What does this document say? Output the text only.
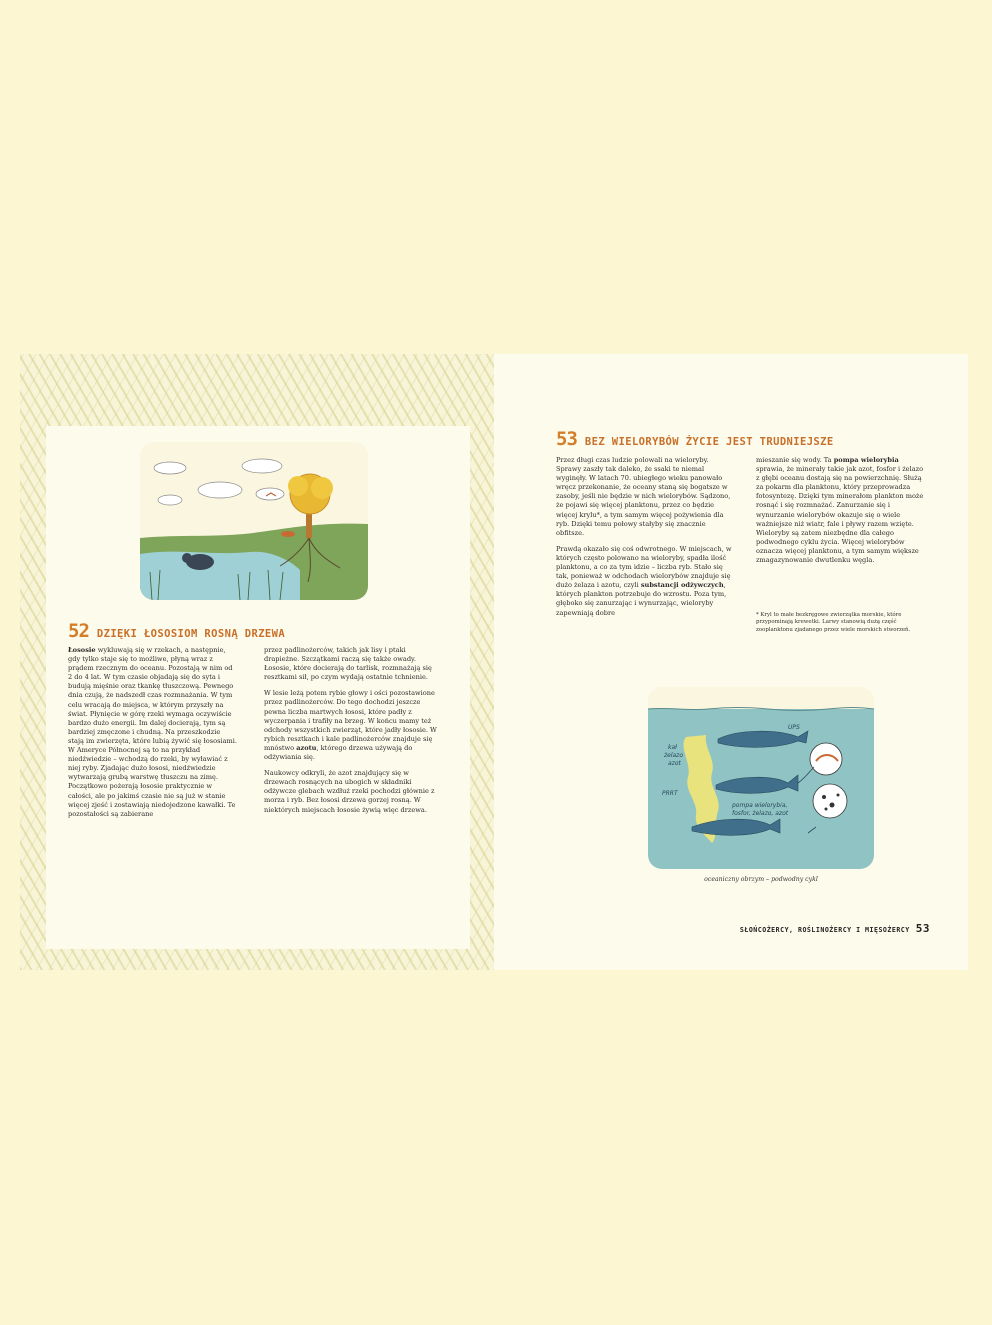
52 DZIĘKI ŁOSOSIOM ROSNĄ DRZEWA

Łososie wykluwają się w rzekach, a następnie, gdy tylko staje się to możliwe, płyną wraz z prądem rzecznym do oceanu. Pozostają w nim od 2 do 4 lat. W tym czasie objadają się do syta i budują mięśnie oraz tkankę tłuszczową. Pewnego dnia czują, że nadszedł czas rozmnażania. W tym celu wracają do miejsca, w którym przyszły na świat. Płynięcie w górę rzeki wymaga oczywiście bardzo dużo energii. Im dalej docierają, tym są bardziej zmęczone i chudną. Na przeszkodzie stają im zwierzęta, które lubią żywić się łososiami. W Ameryce Północnej są to na przykład niedźwiedzie – wchodzą do rzeki, by wyławiać z niej ryby. Zjadając dużo łososi, niedźwiedzie wytwarzają grubą warstwę tłuszczu na zimę. Początkowo pożerają łososie praktycznie w całości, ale po jakimś czasie nie są już w stanie więcej zjeść i zostawiają niedojedzone kawałki. Te pozostałości są zabierane

przez padlinożerców, takich jak lisy i ptaki drapieżne. Szczątkami raczą się także owady. Łososie, które docierają do tarlisk, rozmnażają się resztkami sił, po czym wydają ostatnie tchnienie.

W lesie leżą potem rybie głowy i ości pozostawione przez padlinożerców. Do tego dochodzi jeszcze pewna liczba martwych łososi, które padły z wyczerpania i trafiły na brzeg. W końcu mamy też odchody wszystkich zwierząt, które jadły łososie. W rybich resztkach i kale padlinożerców znajduje się mnóstwo azotu, którego drzewa używają do odżywiania się.

Naukowcy odkryli, że azot znajdujący się w drzewach rosnących na ubogich w składniki odżywcze glebach wzdłuż rzeki pochodzi głównie z morza i ryb. Bez łososi drzewa gorzej rosną. W niektórych miejscach łososie żywią więc drzewa.

53 BEZ WIELORYBÓW ŻYCIE JEST TRUDNIEJSZE

Przez długi czas ludzie polowali na wieloryby. Sprawy zaszły tak daleko, że ssaki te niemal wyginęły. W latach 70. ubiegłego wieku panowało wręcz przekonanie, że oceany staną się bogatsze w zasoby, jeśli nie będzie w nich wielorybów. Sądzono, że pojawi się więcej planktonu, przez co będzie więcej krylu*, a tym samym więcej pożywienia dla ryb. Dzięki temu połowy stałyby się znacznie obfitsze.

Prawdą okazało się coś odwrotnego. W miejscach, w których często polowano na wieloryby, spadła ilość planktonu, a co za tym idzie – liczba ryb. Stało się tak, ponieważ w odchodach wielorybów znajduje się dużo żelaza i azotu, czyli substancji odżywczych, których plankton potrzebuje do wzrostu. Poza tym, głęboko się zanurzając i wynurzając, wieloryby zapewniają dobre

mieszanie się wody. Ta pompa wielorybia sprawia, że minerały takie jak azot, fosfor i żelazo z głębi oceanu dostają się na powierzchnię. Służą za pokarm dla planktonu, który przeprowadza fotosyntezę. Dzięki tym minerałom plankton może rosnąć i się rozmnażać. Zanurzanie się i wynurzanie wielorybów okazuje się o wiele ważniejsze niż wiatr, fale i pływy razem wzięte. Wieloryby są zatem niezbędne dla całego podwodnego cyklu życia. Więcej wielorybów oznacza więcej planktonu, a tym samym większe zmagazynowanie dwutlenku węgla.

* Kryl to małe bezkręgowe zwierzątka morskie, które przypominają krewetki. Larwy stanowią dużą część zooplanktonu zjadanego przez wiele morskich stworzeń.
UPS
kał
żelazo
azot
PRRT
pompa wielorybia,
fosfor, żelazo, azot
oceaniczny obrzym – podwodny cykl
SŁOŃCOŻERCY, ROŚLINOŻERCY I MIĘSOŻERCY 53
